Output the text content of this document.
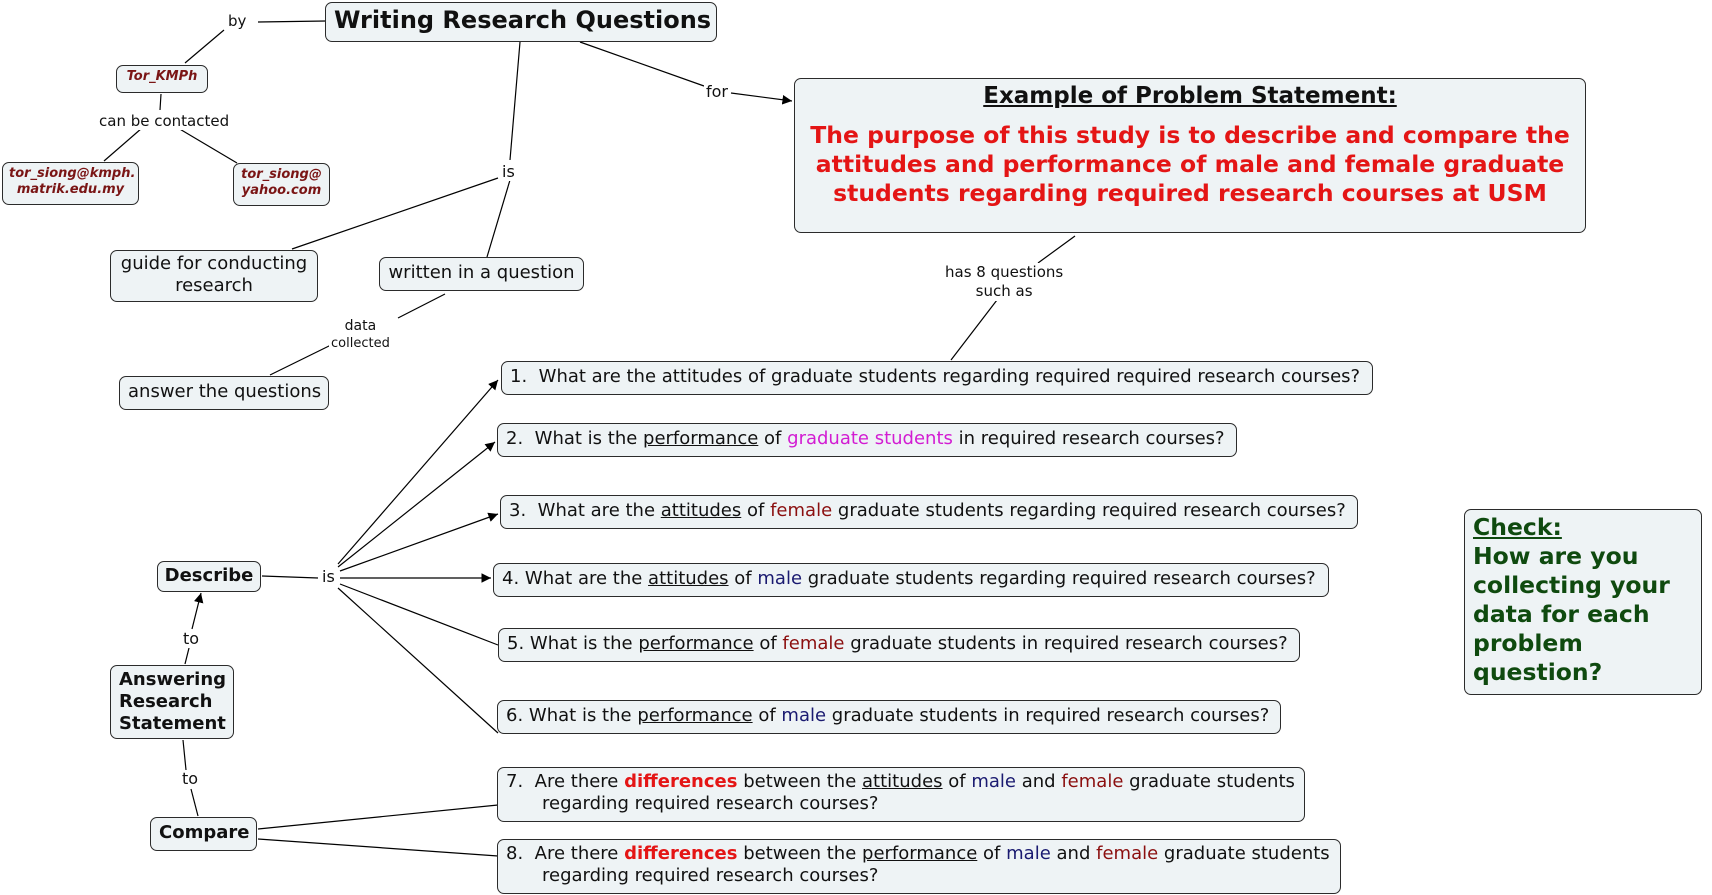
Writing Research Questions
Tor_KMPh
tor_siong@kmph.
matrik.edu.my
tor_siong@
yahoo.com
guide for conducting research
written in a question
answer the questions
Describe
Answering Research Statement
Compare
Example of Problem Statement:
The purpose of this study is to describe and compare the attitudes and performance of male and female graduate students regarding required research courses at USM
Check:
How are you collecting your data for each problem question?
1. What are the attitudes of graduate students regarding required required research courses?
2. What is the performance of graduate students in required research courses?
3. What are the attitudes of female graduate students regarding required research courses?
4. What are the attitudes of male graduate students regarding required research courses?
5. What is the performance of female graduate students in required research courses?
6. What is the performance of male graduate students in required research courses?
7. Are there differences between the attitudes of male and female graduate students
regarding required research courses?
8. Are there differences between the performance of male and female graduate students
regarding required research courses?
by
can be contacted
is
for
data
collected
has 8 questions
such as
is
to
to
